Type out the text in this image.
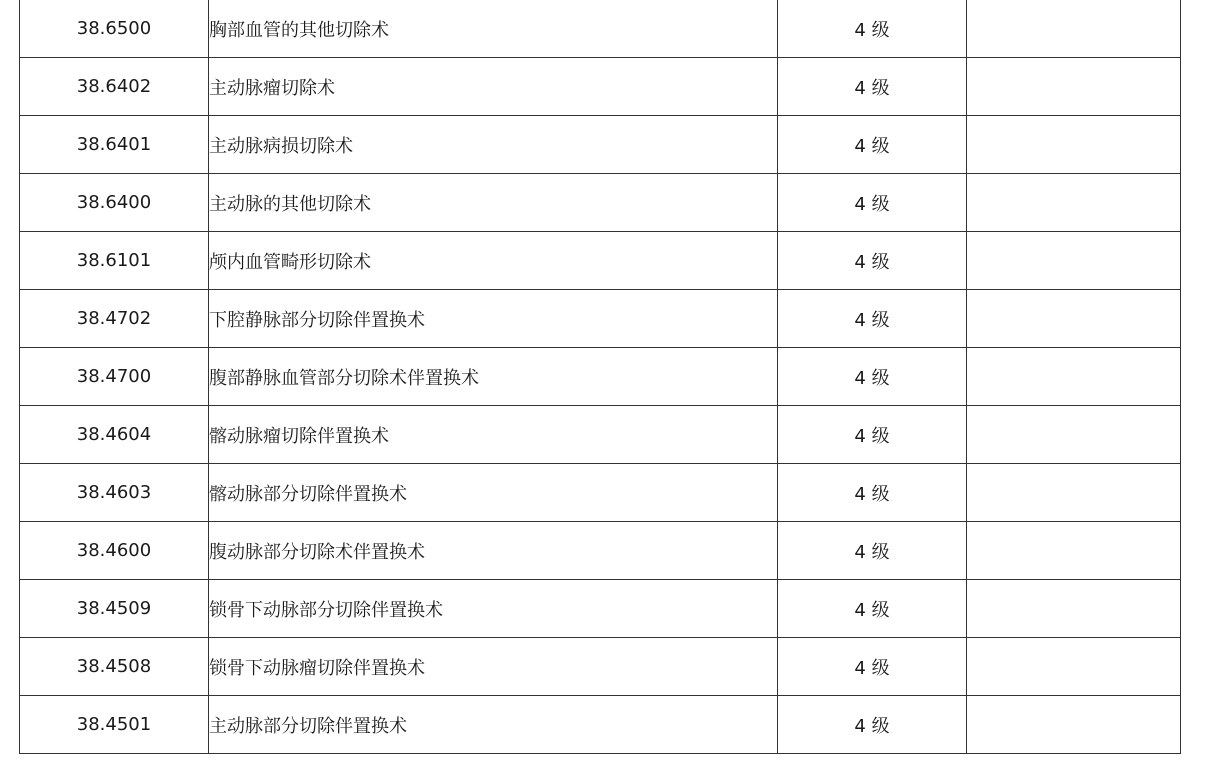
38.6500	胸部血管的其他切除术	4 级	
38.6402	主动脉瘤切除术	4 级	
38.6401	主动脉病损切除术	4 级	
38.6400	主动脉的其他切除术	4 级	
38.6101	颅内血管畸形切除术	4 级	
38.4702	下腔静脉部分切除伴置换术	4 级	
38.4700	腹部静脉血管部分切除术伴置换术	4 级	
38.4604	髂动脉瘤切除伴置换术	4 级	
38.4603	髂动脉部分切除伴置换术	4 级	
38.4600	腹动脉部分切除术伴置换术	4 级	
38.4509	锁骨下动脉部分切除伴置换术	4 级	
38.4508	锁骨下动脉瘤切除伴置换术	4 级	
38.4501	主动脉部分切除伴置换术	4 级	
